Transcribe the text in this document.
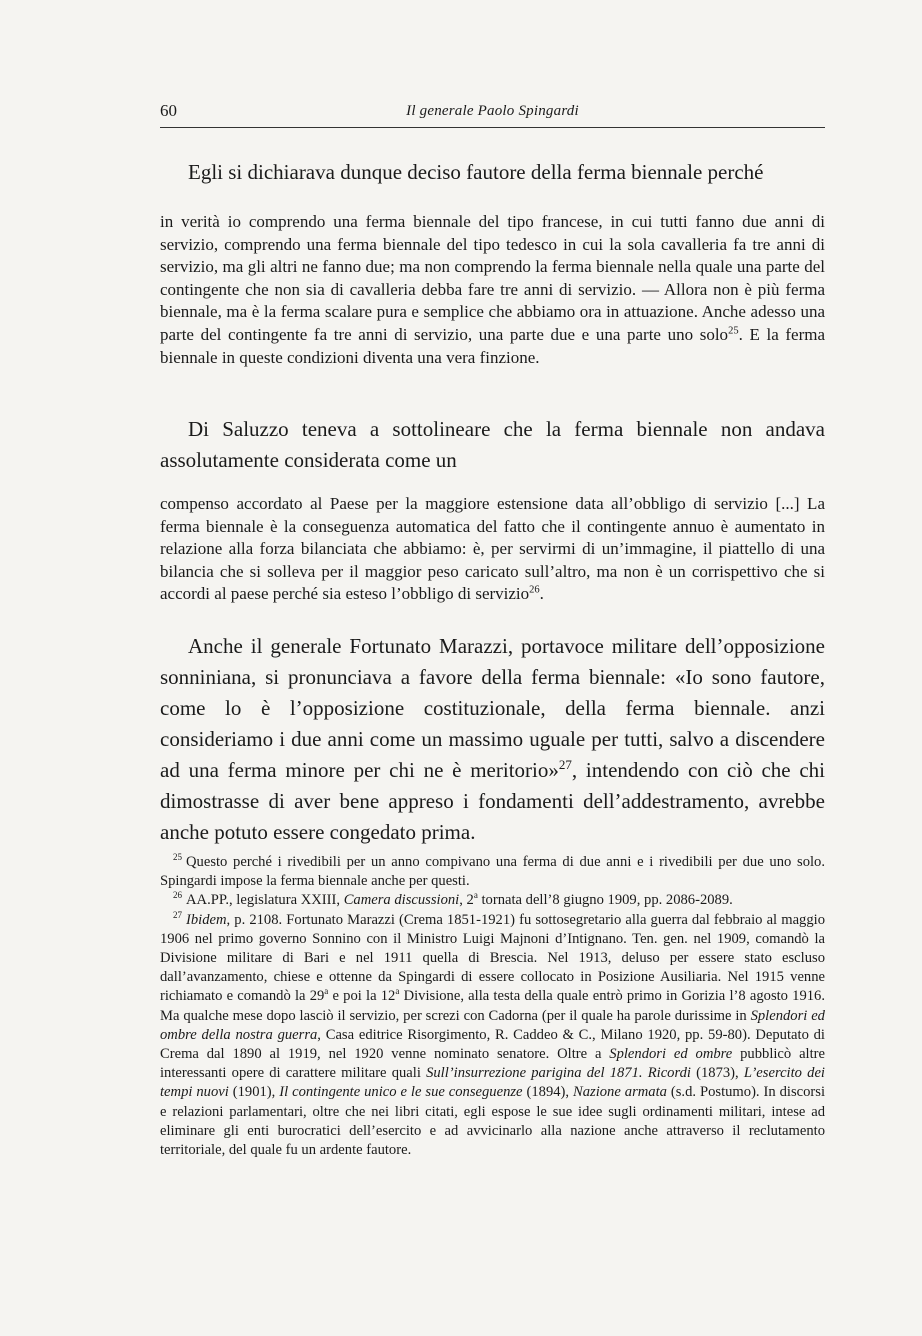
60	Il generale Paolo Spingardi

Egli si dichiarava dunque deciso fautore della ferma biennale perché

in verità io comprendo una ferma biennale del tipo francese, in cui tutti fanno due anni di servizio, comprendo una ferma biennale del tipo tedesco in cui la sola cavalleria fa tre anni di servizio, ma gli altri ne fanno due; ma non comprendo la ferma biennale nella quale una parte del contingente che non sia di cavalleria debba fare tre anni di servizio. — Allora non è più ferma biennale, ma è la ferma scalare pura e semplice che abbiamo ora in attuazione. Anche adesso una parte del contingente fa tre anni di servizio, una parte due e una parte uno solo$^{25}$. E la ferma biennale in queste condizioni diventa una vera finzione.

Di Saluzzo teneva a sottolineare che la ferma biennale non andava assolutamente considerata come un

compenso accordato al Paese per la maggiore estensione data all’obbligo di servizio [...] La ferma biennale è la conseguenza automatica del fatto che il contingente annuo è aumentato in relazione alla forza bilanciata che abbiamo: è, per servirmi di un’immagine, il piattello di una bilancia che si solleva per il maggior peso caricato sull’altro, ma non è un corrispettivo che si accordi al paese perché sia esteso l’obbligo di servizio$^{26}$.

Anche il generale Fortunato Marazzi, portavoce militare dell’opposizione sonniniana, si pronunciava a favore della ferma biennale: «Io sono fautore, come lo è l’opposizione costituzionale, della ferma biennale. anzi consideriamo i due anni come un massimo uguale per tutti, salvo a discendere ad una ferma minore per chi ne è meritorio»$^{27}$, intendendo con ciò che chi dimostrasse di aver bene appreso i fondamenti dell’addestramento, avrebbe anche potuto essere congedato prima.

$^{25}$ Questo perché i rivedibili per un anno compivano una ferma di due anni e i rivedibili per due uno solo. Spingardi impose la ferma biennale anche per questi.

$^{26}$ AA.PP., legislatura XXIII, Camera discussioni, 2$^a$ tornata dell’8 giugno 1909, pp. 2086-2089.

$^{27}$ Ibidem, p. 2108. Fortunato Marazzi (Crema 1851-1921) fu sottosegretario alla guerra dal febbraio al maggio 1906 nel primo governo Sonnino con il Ministro Luigi Majnoni d’Intignano. Ten. gen. nel 1909, comandò la Divisione militare di Bari e nel 1911 quella di Brescia. Nel 1913, deluso per essere stato escluso dall’avanzamento, chiese e ottenne da Spingardi di essere collocato in Posizione Ausiliaria. Nel 1915 venne richiamato e comandò la 29$^a$ e poi la 12$^a$ Divisione, alla testa della quale entrò primo in Gorizia l’8 agosto 1916. Ma qualche mese dopo lasciò il servizio, per screzi con Cadorna (per il quale ha parole durissime in Splendori ed ombre della nostra guerra, Casa editrice Risorgimento, R. Caddeo & C., Milano 1920, pp. 59-80). Deputato di Crema dal 1890 al 1919, nel 1920 venne nominato senatore. Oltre a Splendori ed ombre pubblicò altre interessanti opere di carattere militare quali Sull’insurrezione parigina del 1871. Ricordi (1873), L’esercito dei tempi nuovi (1901), Il contingente unico e le sue conseguenze (1894), Nazione armata (s.d. Postumo). In discorsi e relazioni parlamentari, oltre che nei libri citati, egli espose le sue idee sugli ordinamenti militari, intese ad eliminare gli enti burocratici dell’esercito e ad avvicinarlo alla nazione anche attraverso il reclutamento territoriale, del quale fu un ardente fautore.
